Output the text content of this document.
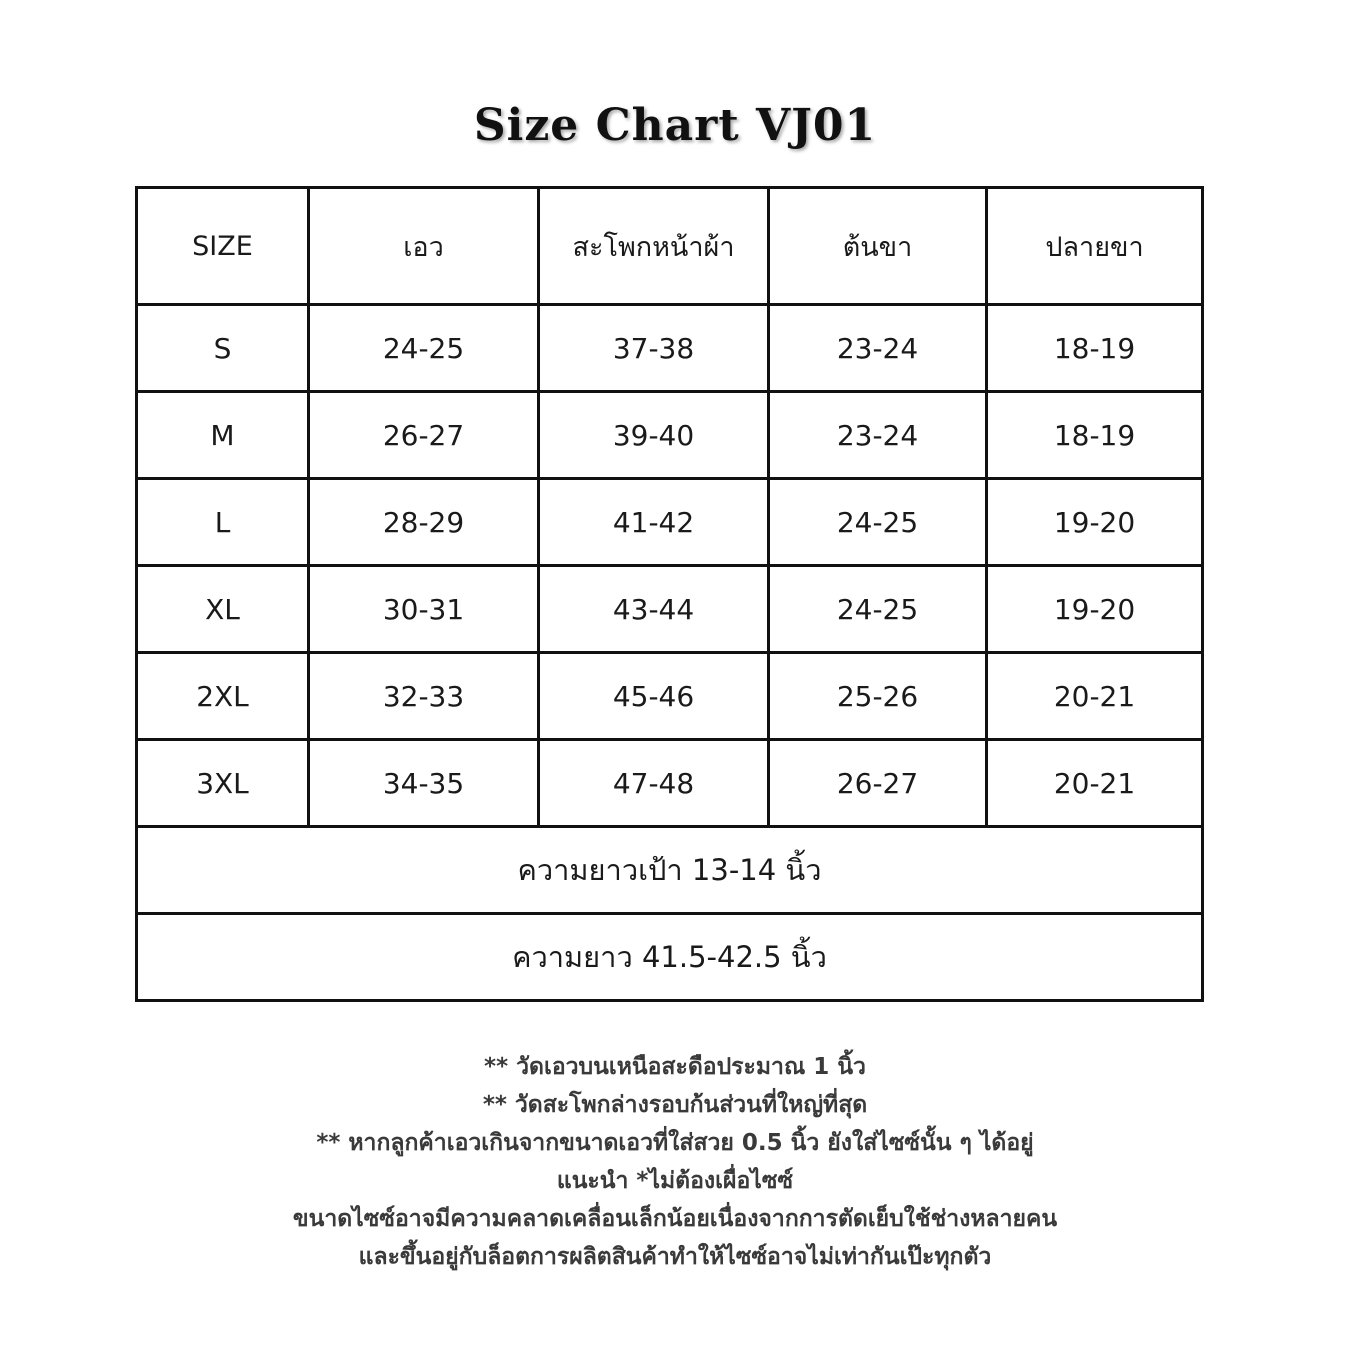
Size Chart VJ01
SIZE	เอว	สะโพกหน้าผ้า	ต้นขา	ปลายขา
S	24-25	37-38	23-24	18-19
M	26-27	39-40	23-24	18-19
L	28-29	41-42	24-25	19-20
XL	30-31	43-44	24-25	19-20
2XL	32-33	45-46	25-26	20-21
3XL	34-35	47-48	26-27	20-21
ความยาวเป้า 13-14 นิ้ว				
ความยาว 41.5-42.5 นิ้ว				
** วัดเอวบนเหนือสะดือประมาณ 1 นิ้ว
** วัดสะโพกล่างรอบก้นส่วนที่ใหญ่ที่สุด
** หากลูกค้าเอวเกินจากขนาดเอวที่ใส่สวย 0.5 นิ้ว ยังใส่ไซซ์นั้น ๆ ได้อยู่
แนะนำ *ไม่ต้องเผื่อไซซ์
ขนาดไซซ์อาจมีความคลาดเคลื่อนเล็กน้อยเนื่องจากการตัดเย็บใช้ช่างหลายคน
และขึ้นอยู่กับล็อตการผลิตสินค้าทำให้ไซซ์อาจไม่เท่ากันเป๊ะทุกตัว
